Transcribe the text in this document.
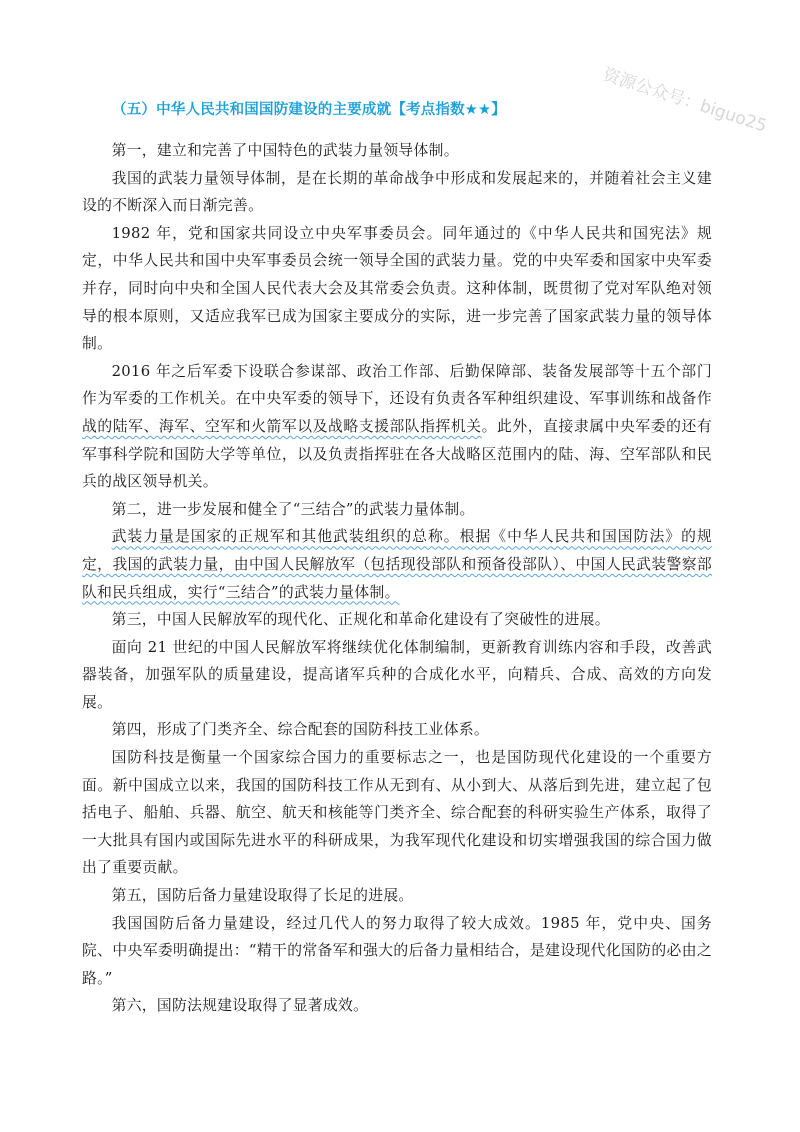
资源公众号：biguo25
（五）中华人民共和国国防建设的主要成就【考点指数★★】

第一，建立和完善了中国特色的武装力量领导体制。

我国的武装力量领导体制，是在长期的革命战争中形成和发展起来的，并随着社会主义建设的不断深入而日渐完善。

1982 年，党和国家共同设立中央军事委员会。同年通过的《中华人民共和国宪法》规定，中华人民共和国中央军事委员会统一领导全国的武装力量。党的中央军委和国家中央军委并存，同时向中央和全国人民代表大会及其常委会负责。这种体制，既贯彻了党对军队绝对领导的根本原则，又适应我军已成为国家主要成分的实际，进一步完善了国家武装力量的领导体制。

2016 年之后军委下设联合参谋部、政治工作部、后勤保障部、装备发展部等十五个部门作为军委的工作机关。在中央军委的领导下，还设有负责各军种组织建设、军事训练和战备作战的陆军、海军、空军和火箭军以及战略支援部队指挥机关。此外，直接隶属中央军委的还有军事科学院和国防大学等单位，以及负责指挥驻在各大战略区范围内的陆、海、空军部队和民兵的战区领导机关。

第二，进一步发展和健全了“三结合”的武装力量体制。

武装力量是国家的正规军和其他武装组织的总称。根据《中华人民共和国国防法》的规定，我国的武装力量，由中国人民解放军（包括现役部队和预备役部队）、中国人民武装警察部队和民兵组成，实行“三结合”的武装力量体制。

第三，中国人民解放军的现代化、正规化和革命化建设有了突破性的进展。

面向 21 世纪的中国人民解放军将继续优化体制编制，更新教育训练内容和手段，改善武器装备，加强军队的质量建设，提高诸军兵种的合成化水平，向精兵、合成、高效的方向发展。

第四，形成了门类齐全、综合配套的国防科技工业体系。

国防科技是衡量一个国家综合国力的重要标志之一，也是国防现代化建设的一个重要方面。新中国成立以来，我国的国防科技工作从无到有、从小到大、从落后到先进，建立起了包括电子、船舶、兵器、航空、航天和核能等门类齐全、综合配套的科研实验生产体系，取得了一大批具有国内或国际先进水平的科研成果，为我军现代化建设和切实增强我国的综合国力做出了重要贡献。

第五，国防后备力量建设取得了长足的进展。

我国国防后备力量建设，经过几代人的努力取得了较大成效。1985 年，党中央、国务院、中央军委明确提出：“精干的常备军和强大的后备力量相结合，是建设现代化国防的必由之路。”

第六，国防法规建设取得了显著成效。
